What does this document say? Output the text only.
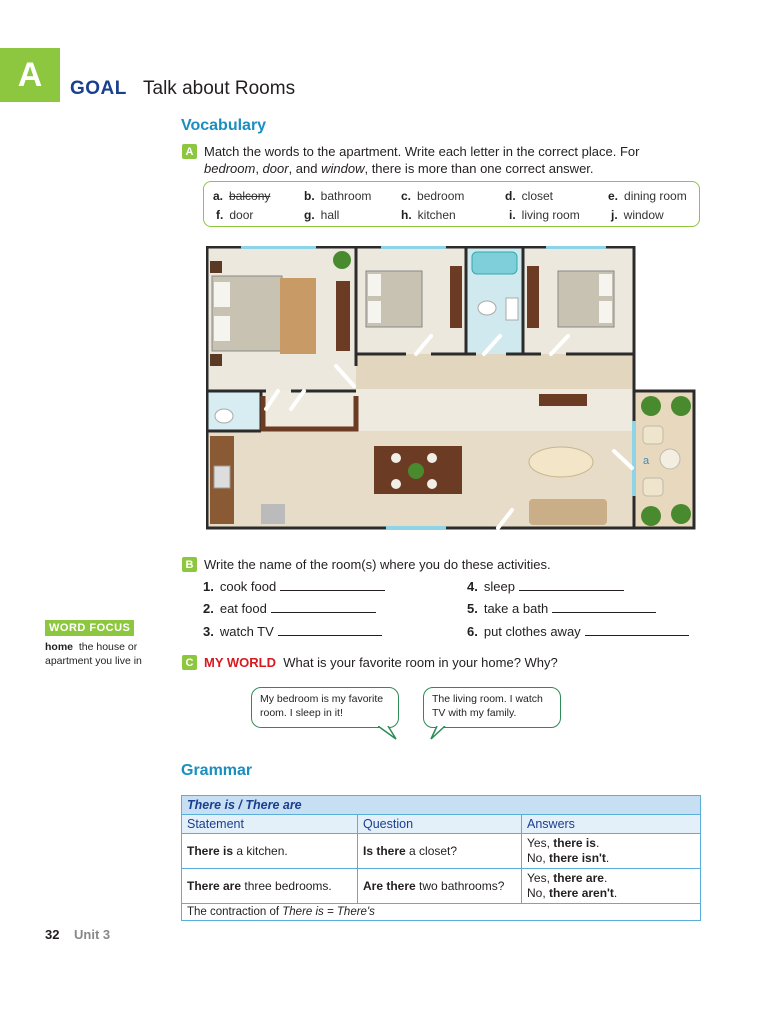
A GOAL Talk about Rooms
Vocabulary
A Match the words to the apartment. Write each letter in the correct place. For
bedroom, door, and window, there is more than one correct answer.
a. balcony	b. bathroom c. bedroom	d. closet	e. dining room
f. door	g. hall	h. kitchen	i. living room	j. window
a
B Write the name of the room(s) where you do these activities.
1. cook food
2. eat food
3. watch TV
4. sleep
5. take a bath
6. put clothes away
WORD FOCUS
home the house or apartment you live in	C MY WORLD What is your favorite room in your home? Why?
My bedroom is my favorite room. I sleep in it!
The living room. I watch TV with my family.
Grammar
There is / There are		
Statement	Question	Answers
There is a kitchen.	Is there a closet?	Yes, there is.
No, there isn't.
There are three bedrooms.	Are there two bathrooms?	Yes, there are.
No, there aren't.
The contraction of There is = There's		
32 Unit 3
